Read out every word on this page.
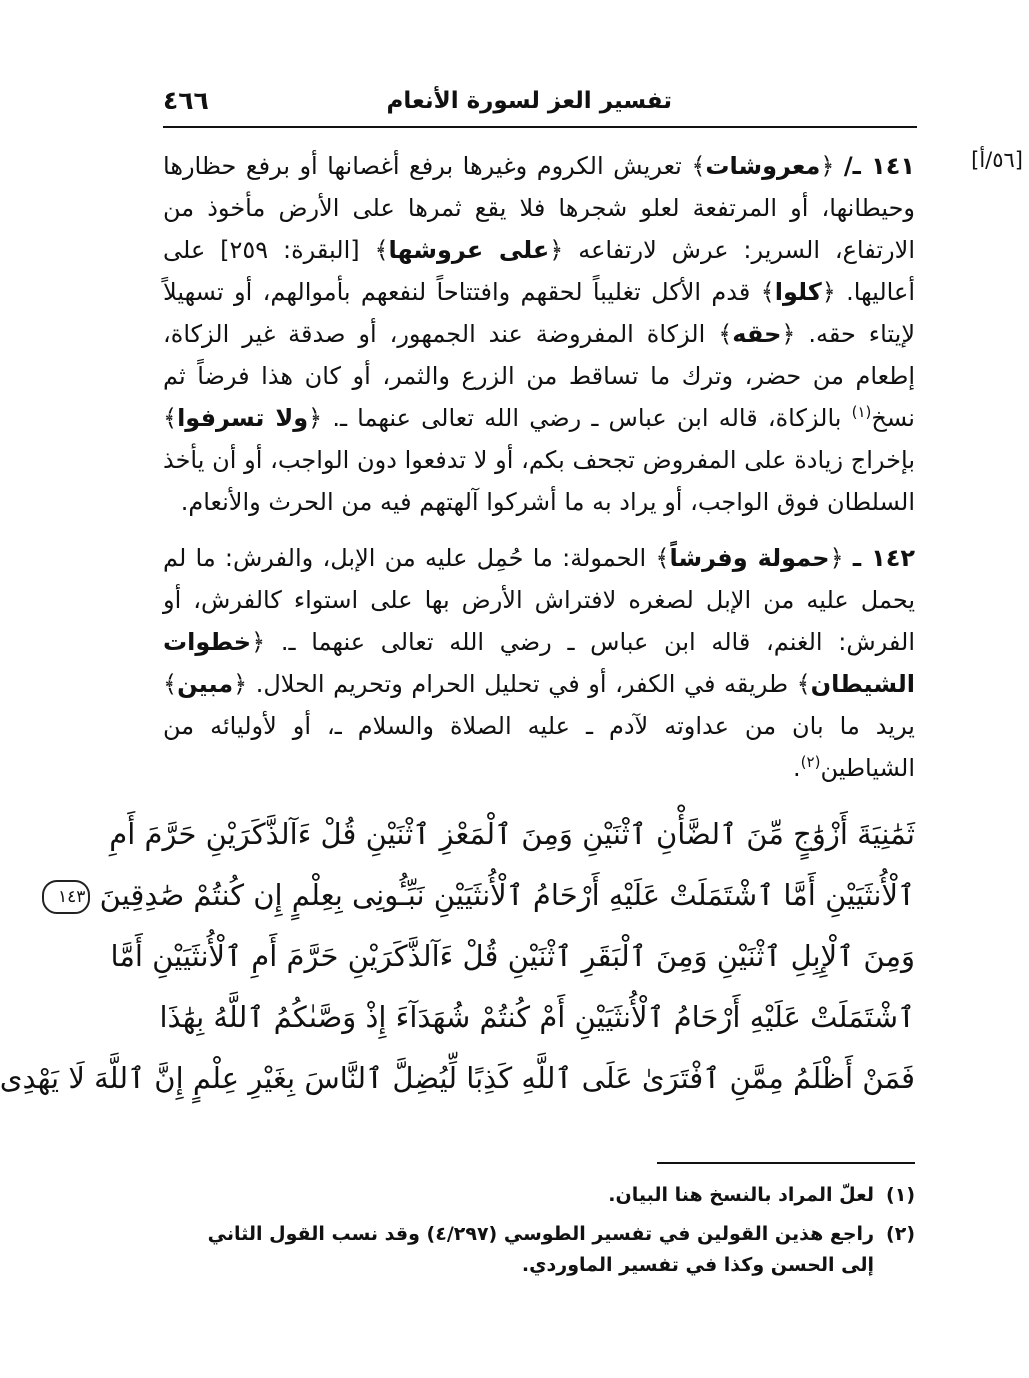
تفسير العز لسورة الأنعام
٤٦٦
[٥٦/أ]

١٤١ ـ/ ﴿معروشات﴾ تعريش الكروم وغيرها برفع أغصانها أو برفع حظارها وحيطانها، أو المرتفعة لعلو شجرها فلا يقع ثمرها على الأرض مأخوذ من الارتفاع، السرير: عرش لارتفاعه ﴿على عروشها﴾ [البقرة: ٢٥٩] على أعاليها. ﴿كلوا﴾ قدم الأكل تغليباً لحقهم وافتتاحاً لنفعهم بأموالهم، أو تسهيلاً لإيتاء حقه. ﴿حقه﴾ الزكاة المفروضة عند الجمهور، أو صدقة غير الزكاة، إطعام من حضر، وترك ما تساقط من الزرع والثمر، أو كان هذا فرضاً ثم نسخ$^{(١)}$ بالزكاة، قاله ابن عباس ـ رضي الله تعالى عنهما ـ. ﴿ولا تسرفوا﴾ بإخراج زيادة على المفروض تجحف بكم، أو لا تدفعوا دون الواجب، أو أن يأخذ السلطان فوق الواجب، أو يراد به ما أشركوا آلهتهم فيه من الحرث والأنعام.

١٤٢ ـ ﴿حمولة وفرشاً﴾ الحمولة: ما حُمِل عليه من الإبل، والفرش: ما لم يحمل عليه من الإبل لصغره لافتراش الأرض بها على استواء كالفرش، أو الفرش: الغنم، قاله ابن عباس ـ رضي الله تعالى عنهما ـ. ﴿خطوات الشيطان﴾ طريقه في الكفر، أو في تحليل الحرام وتحريم الحلال. ﴿مبين﴾ يريد ما بان من عداوته لآدم ـ عليه الصلاة والسلام ـ، أو لأوليائه من الشياطين$^{(٢)}$.

ثَمَٰنِيَةَ أَزْوَٰجٍ مِّنَ ٱلضَّأْنِ ٱثْنَيْنِ وَمِنَ ٱلْمَعْزِ ٱثْنَيْنِ قُلْ ءَآلذَّكَرَيْنِ حَرَّمَ أَمِ
ٱلْأُنثَيَيْنِ أَمَّا ٱشْتَمَلَتْ عَلَيْهِ أَرْحَامُ ٱلْأُنثَيَيْنِ نَبِّـُٔونِى بِعِلْمٍ إِن كُنتُمْ صَٰدِقِينَ ١٤٣
وَمِنَ ٱلْإِبِلِ ٱثْنَيْنِ وَمِنَ ٱلْبَقَرِ ٱثْنَيْنِ قُلْ ءَآلذَّكَرَيْنِ حَرَّمَ أَمِ ٱلْأُنثَيَيْنِ أَمَّا
ٱشْتَمَلَتْ عَلَيْهِ أَرْحَامُ ٱلْأُنثَيَيْنِ أَمْ كُنتُمْ شُهَدَآءَ إِذْ وَصَّىٰكُمُ ٱللَّهُ بِهَٰذَا
فَمَنْ أَظْلَمُ مِمَّنِ ٱفْتَرَىٰ عَلَى ٱللَّهِ كَذِبًا لِّيُضِلَّ ٱلنَّاسَ بِغَيْرِ عِلْمٍ إِنَّ ٱللَّهَ لَا يَهْدِى
(١)
لعلّ المراد بالنسخ هنا البيان.
(٢)
راجع هذين القولين في تفسير الطوسي (٤/٢٩٧) وقد نسب القول الثاني إلى الحسن وكذا في تفسير الماوردي.
